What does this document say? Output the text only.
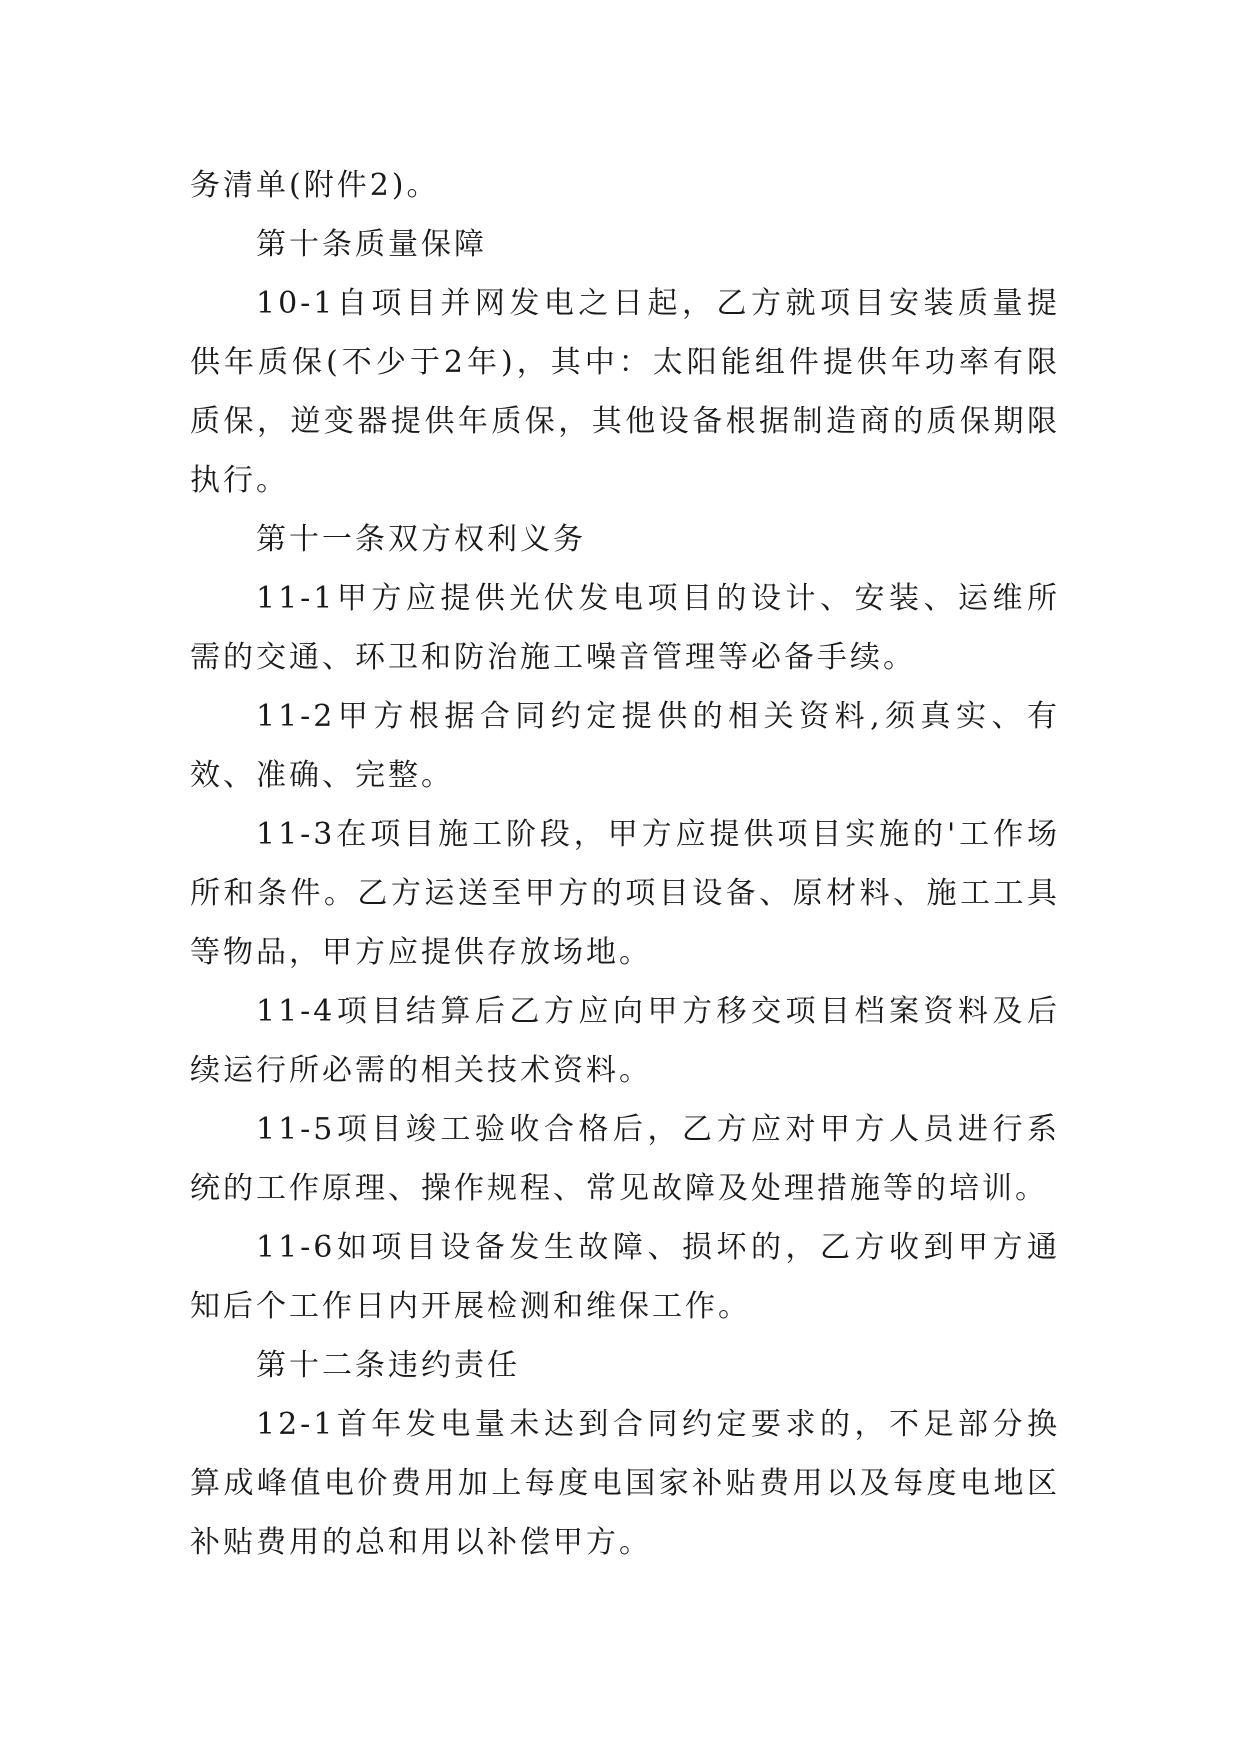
务清单(附件2)。

第十条质量保障

10-1自项目并网发电之日起，乙方就项目安装质量提供年质保(不少于2年)，其中：太阳能组件提供年功率有限质保，逆变器提供年质保，其他设备根据制造商的质保期限执行。

第十一条双方权利义务

11-1甲方应提供光伏发电项目的设计、安装、运维所需的交通、环卫和防治施工噪音管理等必备手续。

11-2甲方根据合同约定提供的相关资料,须真实、有效、准确、完整。

11-3在项目施工阶段，甲方应提供项目实施的'工作场所和条件。乙方运送至甲方的项目设备、原材料、施工工具等物品，甲方应提供存放场地。

11-4项目结算后乙方应向甲方移交项目档案资料及后续运行所必需的相关技术资料。

11-5项目竣工验收合格后，乙方应对甲方人员进行系统的工作原理、操作规程、常见故障及处理措施等的培训。

11-6如项目设备发生故障、损坏的，乙方收到甲方通知后个工作日内开展检测和维保工作。

第十二条违约责任

12-1首年发电量未达到合同约定要求的，不足部分换算成峰值电价费用加上每度电国家补贴费用以及每度电地区补贴费用的总和用以补偿甲方。
